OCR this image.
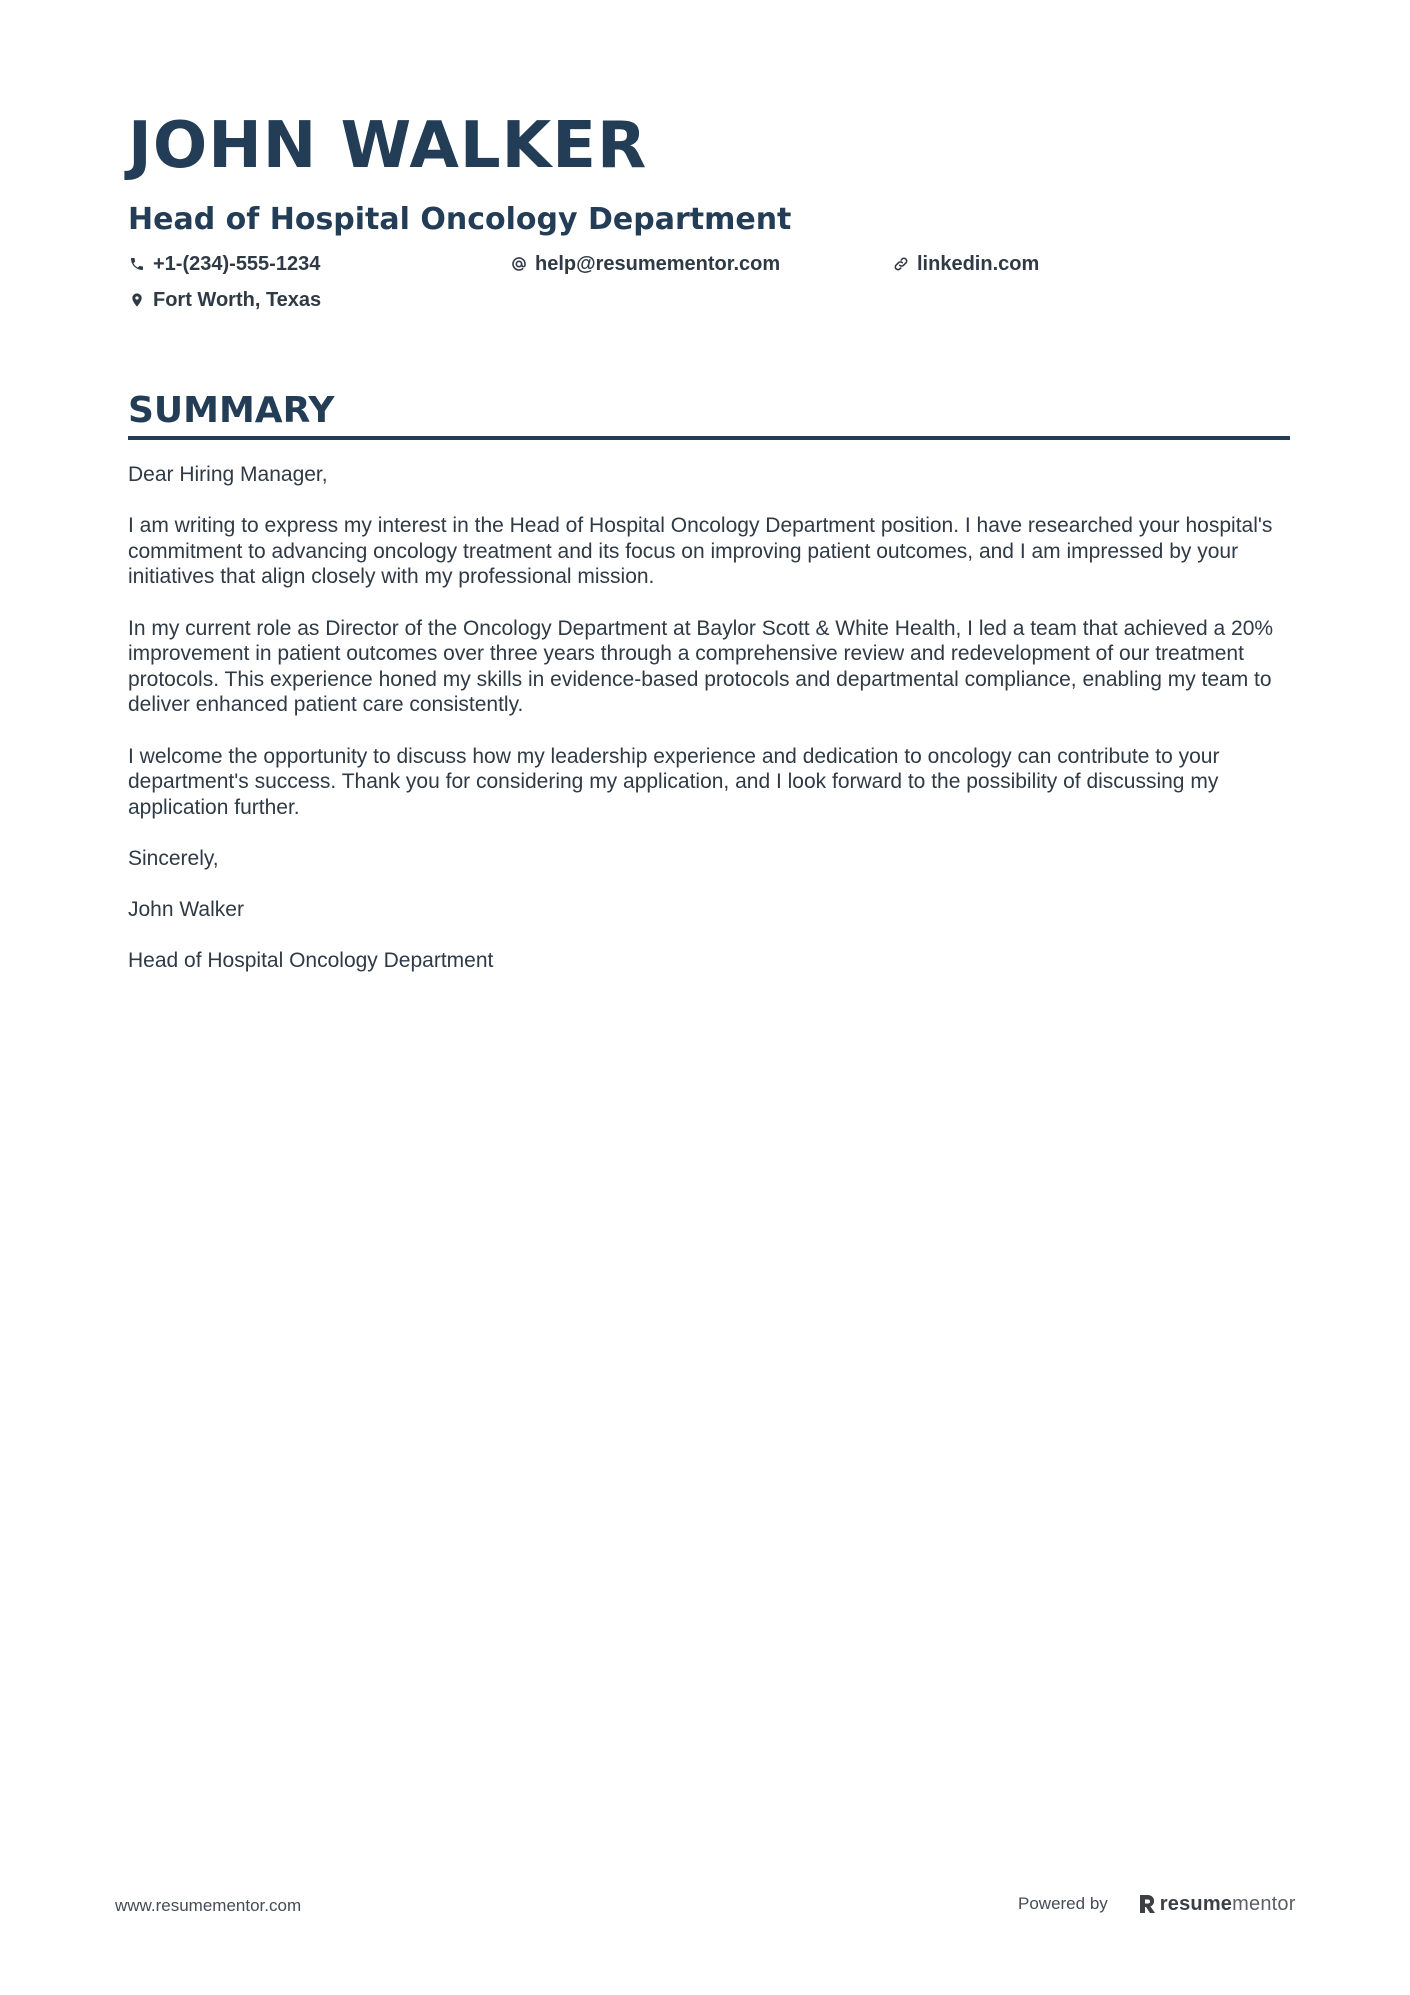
JOHN WALKER
Head of Hospital Oncology Department
+1-(234)-555-1234	help@resumementor.com	linkedin.com
Fort Worth, Texas
SUMMARY

Dear Hiring Manager,

I am writing to express my interest in the Head of Hospital Oncology Department position. I have researched your hospital's commitment to advancing oncology treatment and its focus on improving patient outcomes, and I am impressed by your initiatives that align closely with my professional mission.

In my current role as Director of the Oncology Department at Baylor Scott & White Health, I led a team that achieved a 20% improvement in patient outcomes over three years through a comprehensive review and redevelopment of our treatment protocols. This experience honed my skills in evidence-based protocols and departmental compliance, enabling my team to deliver enhanced patient care consistently.

I welcome the opportunity to discuss how my leadership experience and dedication to oncology can contribute to your department's success. Thank you for considering my application, and I look forward to the possibility of discussing my application further.

Sincerely,

John Walker

Head of Hospital Oncology Department

www.resumementor.com	Powered by	resume mentor
